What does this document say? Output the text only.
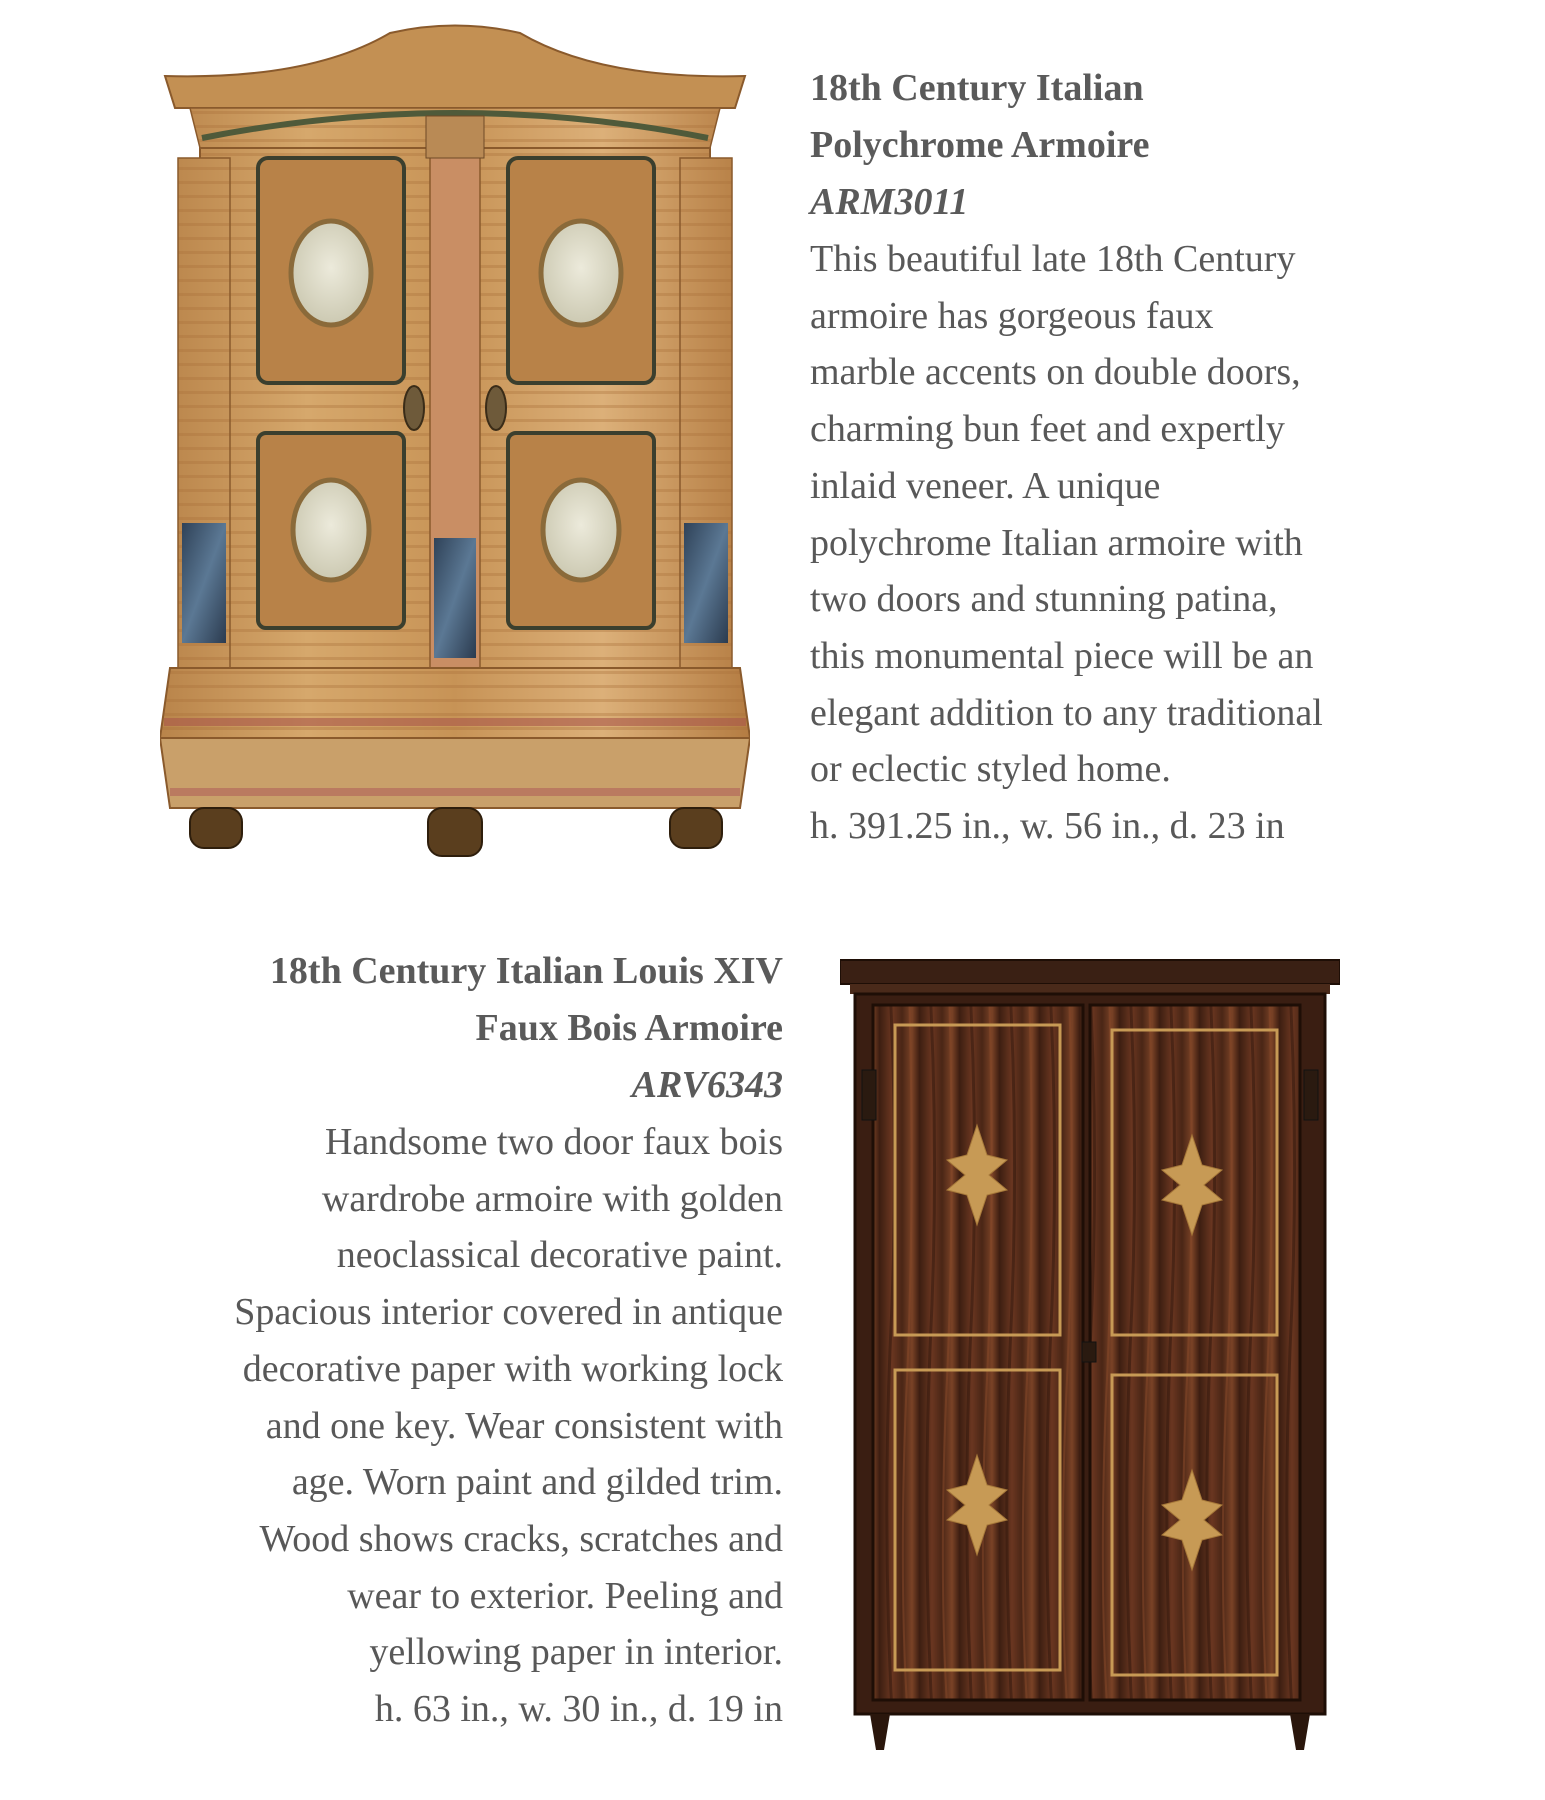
18th Century Italian
Polychrome Armoire
ARM3011
This beautiful late 18th Century
armoire has gorgeous faux
marble accents on double doors,
charming bun feet and expertly
inlaid veneer. A unique
polychrome Italian armoire with
two doors and stunning patina,
this monumental piece will be an
elegant addition to any traditional
or eclectic styled home.
h. 391.25 in., w. 56 in., d. 23 in
18th Century Italian Louis XIV
Faux Bois Armoire
ARV6343
Handsome two door faux bois
wardrobe armoire with golden
neoclassical decorative paint.
Spacious interior covered in antique
decorative paper with working lock
and one key. Wear consistent with
age. Worn paint and gilded trim.
Wood shows cracks, scratches and
wear to exterior. Peeling and
yellowing paper in interior.
h. 63 in., w. 30 in., d. 19 in
